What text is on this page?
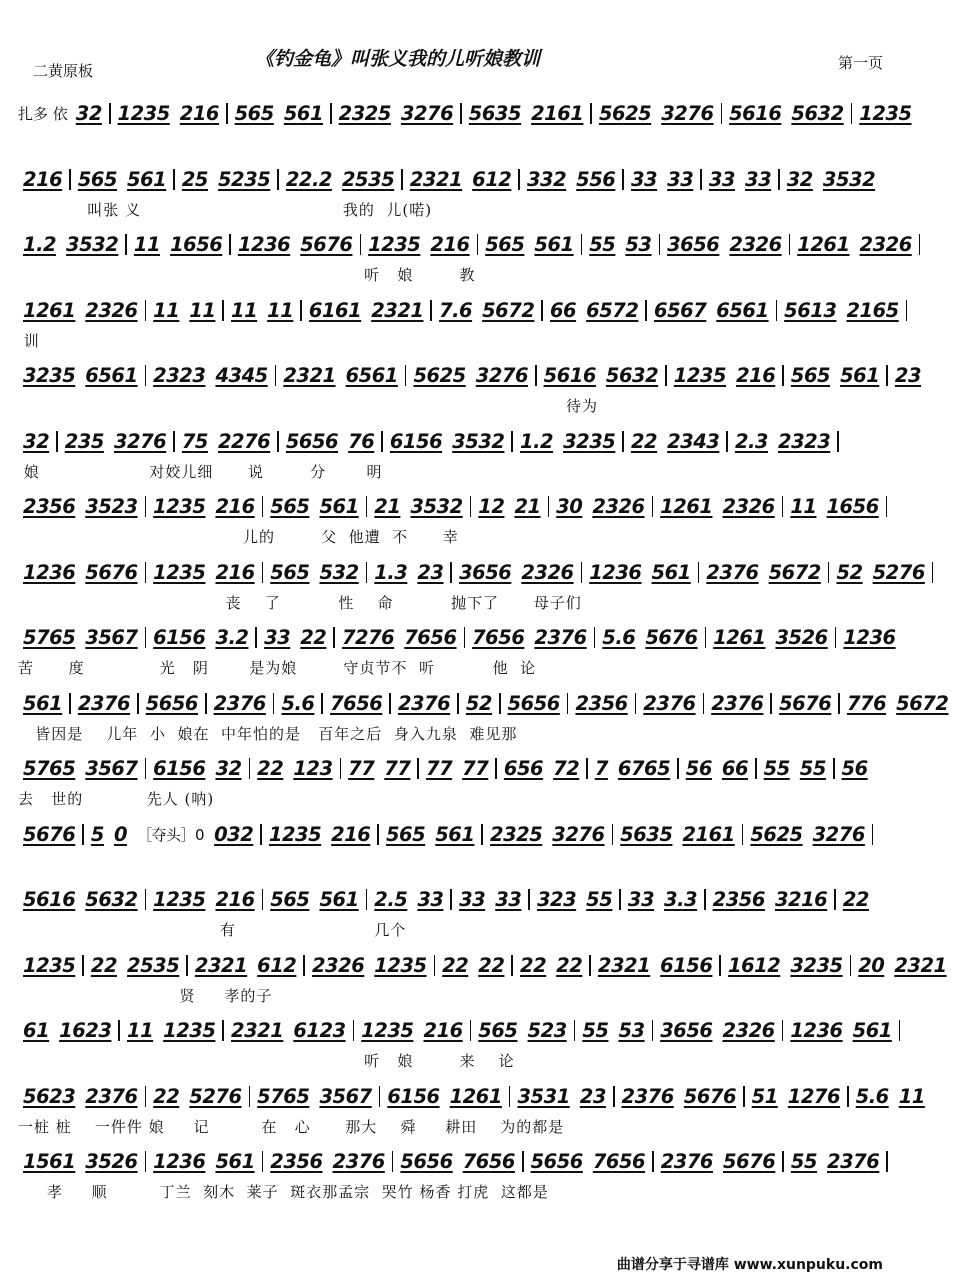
《钓金龟》叫张义我的儿听娘教训
二黄原板	第一页
扎多 依 32 1235 216 565 561 2325 3276 5635 2161 5625 3276 5616 5632 1235
216 565 561 25 5235 22.2 2535 2321 612 332 556 33 33 33 33 32 3532
叫张 义                                   我的  儿(喏)
1.2 3532 11 1656 1236 5676 1235 216 565 561 55 53 3656 2326 1261 2326
听   娘        教
1261 2326 11 11 11 11 6161 2321 7.6 5672 66 6572 6567 6561 5613 2165
训
3235 6561 2323 4345 2321 6561 5625 3276 5616 5632 1235 216 565 561 23
待为
32 235 3276 75 2276 5656 76 6156 3532 1.2 3235 22 2343 2.3 2323
娘                   对姣儿细      说        分       明
2356 3523 1235 216 565 561 21 3532 12 21 30 2326 1261 2326 11 1656
儿的        父  他遭  不      幸
1236 5676 1235 216 565 532 1.3 23 3656 2326 1236 561 2376 5672 52 5276
丧    了          性    命          抛下了      母子们
5765 3567 6156 3.2 33 22 7276 7656 7656 2376 5.6 5676 1261 3526 1236
苦      度             光   阴       是为娘        守贞节不  听          他  论
561 2376 5656 2376 5.6 7656 2376 52 5656 2356 2376 2376 5676 776 5672
皆因是    儿年  小  娘在  中年怕的是   百年之后  身入九泉  难见那
5765 3567 6156 32 22 123 77 77 77 77 656 72 7 6765 56 66 55 55 56
去   世的           先人 (呐)
5676 5 0 ［夺头］0 032 1235 216 565 561 2325 3276 5635 2161 5625 3276
5616 5632 1235 216 565 561 2.5 33 33 33 323 55 33 3.3 2356 3216 22
有                        几个
1235 22 2535 2321 612 2326 1235 22 22 22 22 2321 6156 1612 3235 20 2321
贤     孝的子
61 1623 11 1235 2321 6123 1235 216 565 523 55 53 3656 2326 1236 561
听   娘        来    论
5623 2376 22 5276 5765 3567 6156 1261 3531 23 2376 5676 51 1276 5.6 11
一桩 桩    一件件 娘     记         在   心      那大    舜     耕田    为的都是
1561 3526 1236 561 2356 2376 5656 7656 5656 7656 2376 5676 55 2376
孝     顺         丁兰  刻木  莱子  斑衣那孟宗  哭竹 杨香 打虎  这都是
曲谱分享于寻谱库 www.xunpuku.com
